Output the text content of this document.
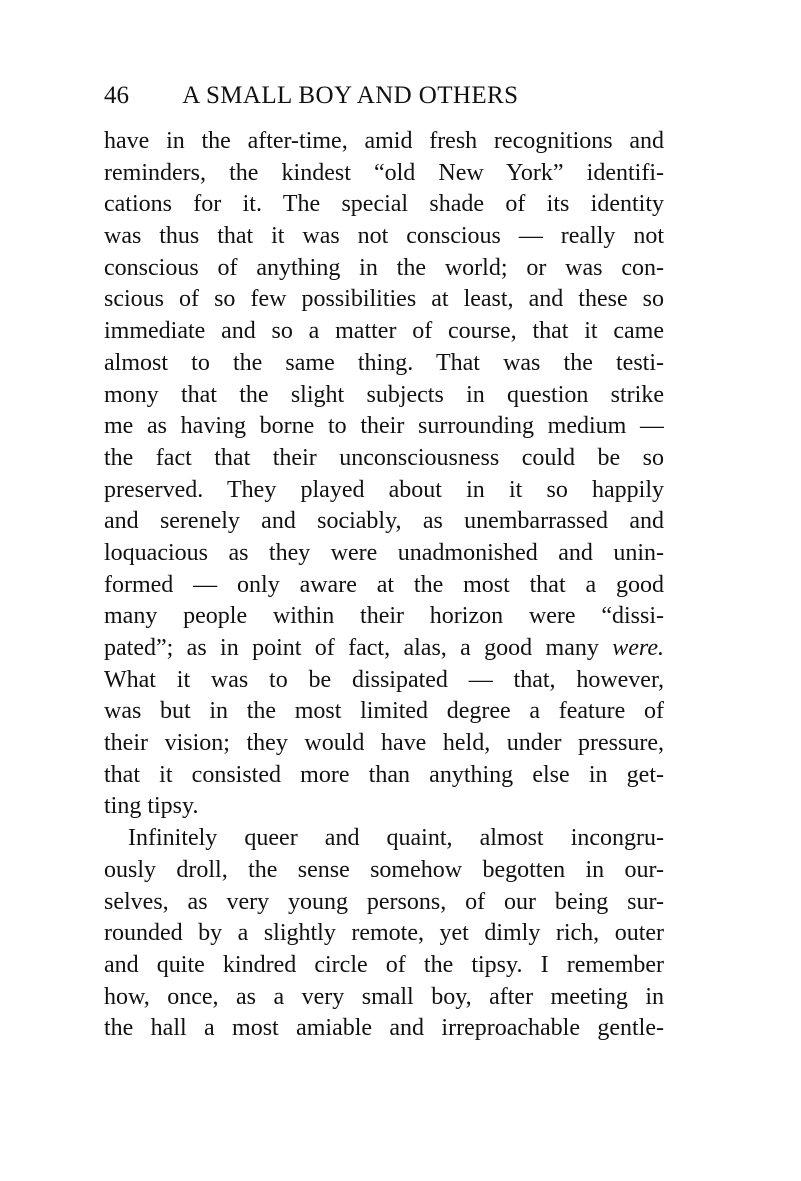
46 A SMALL BOY AND OTHERS
have in the after-time, amid fresh recognitions and
reminders, the kindest “old New York” identifi-
cations for it. The special shade of its identity
was thus that it was not conscious — really not
conscious of anything in the world; or was con-
scious of so few possibilities at least, and these so
immediate and so a matter of course, that it came
almost to the same thing. That was the testi-
mony that the slight subjects in question strike
me as having borne to their surrounding medium —
the fact that their unconsciousness could be so
preserved. They played about in it so happily
and serenely and sociably, as unembarrassed and
loquacious as they were unadmonished and unin-
formed — only aware at the most that a good
many people within their horizon were “dissi-
pated”; as in point of fact, alas, a good many were.
What it was to be dissipated — that, however,
was but in the most limited degree a feature of
their vision; they would have held, under pressure,
that it consisted more than anything else in get-
ting tipsy.
Infinitely queer and quaint, almost incongru-
ously droll, the sense somehow begotten in our-
selves, as very young persons, of our being sur-
rounded by a slightly remote, yet dimly rich, outer
and quite kindred circle of the tipsy. I remember
how, once, as a very small boy, after meeting in
the hall a most amiable and irreproachable gentle-
